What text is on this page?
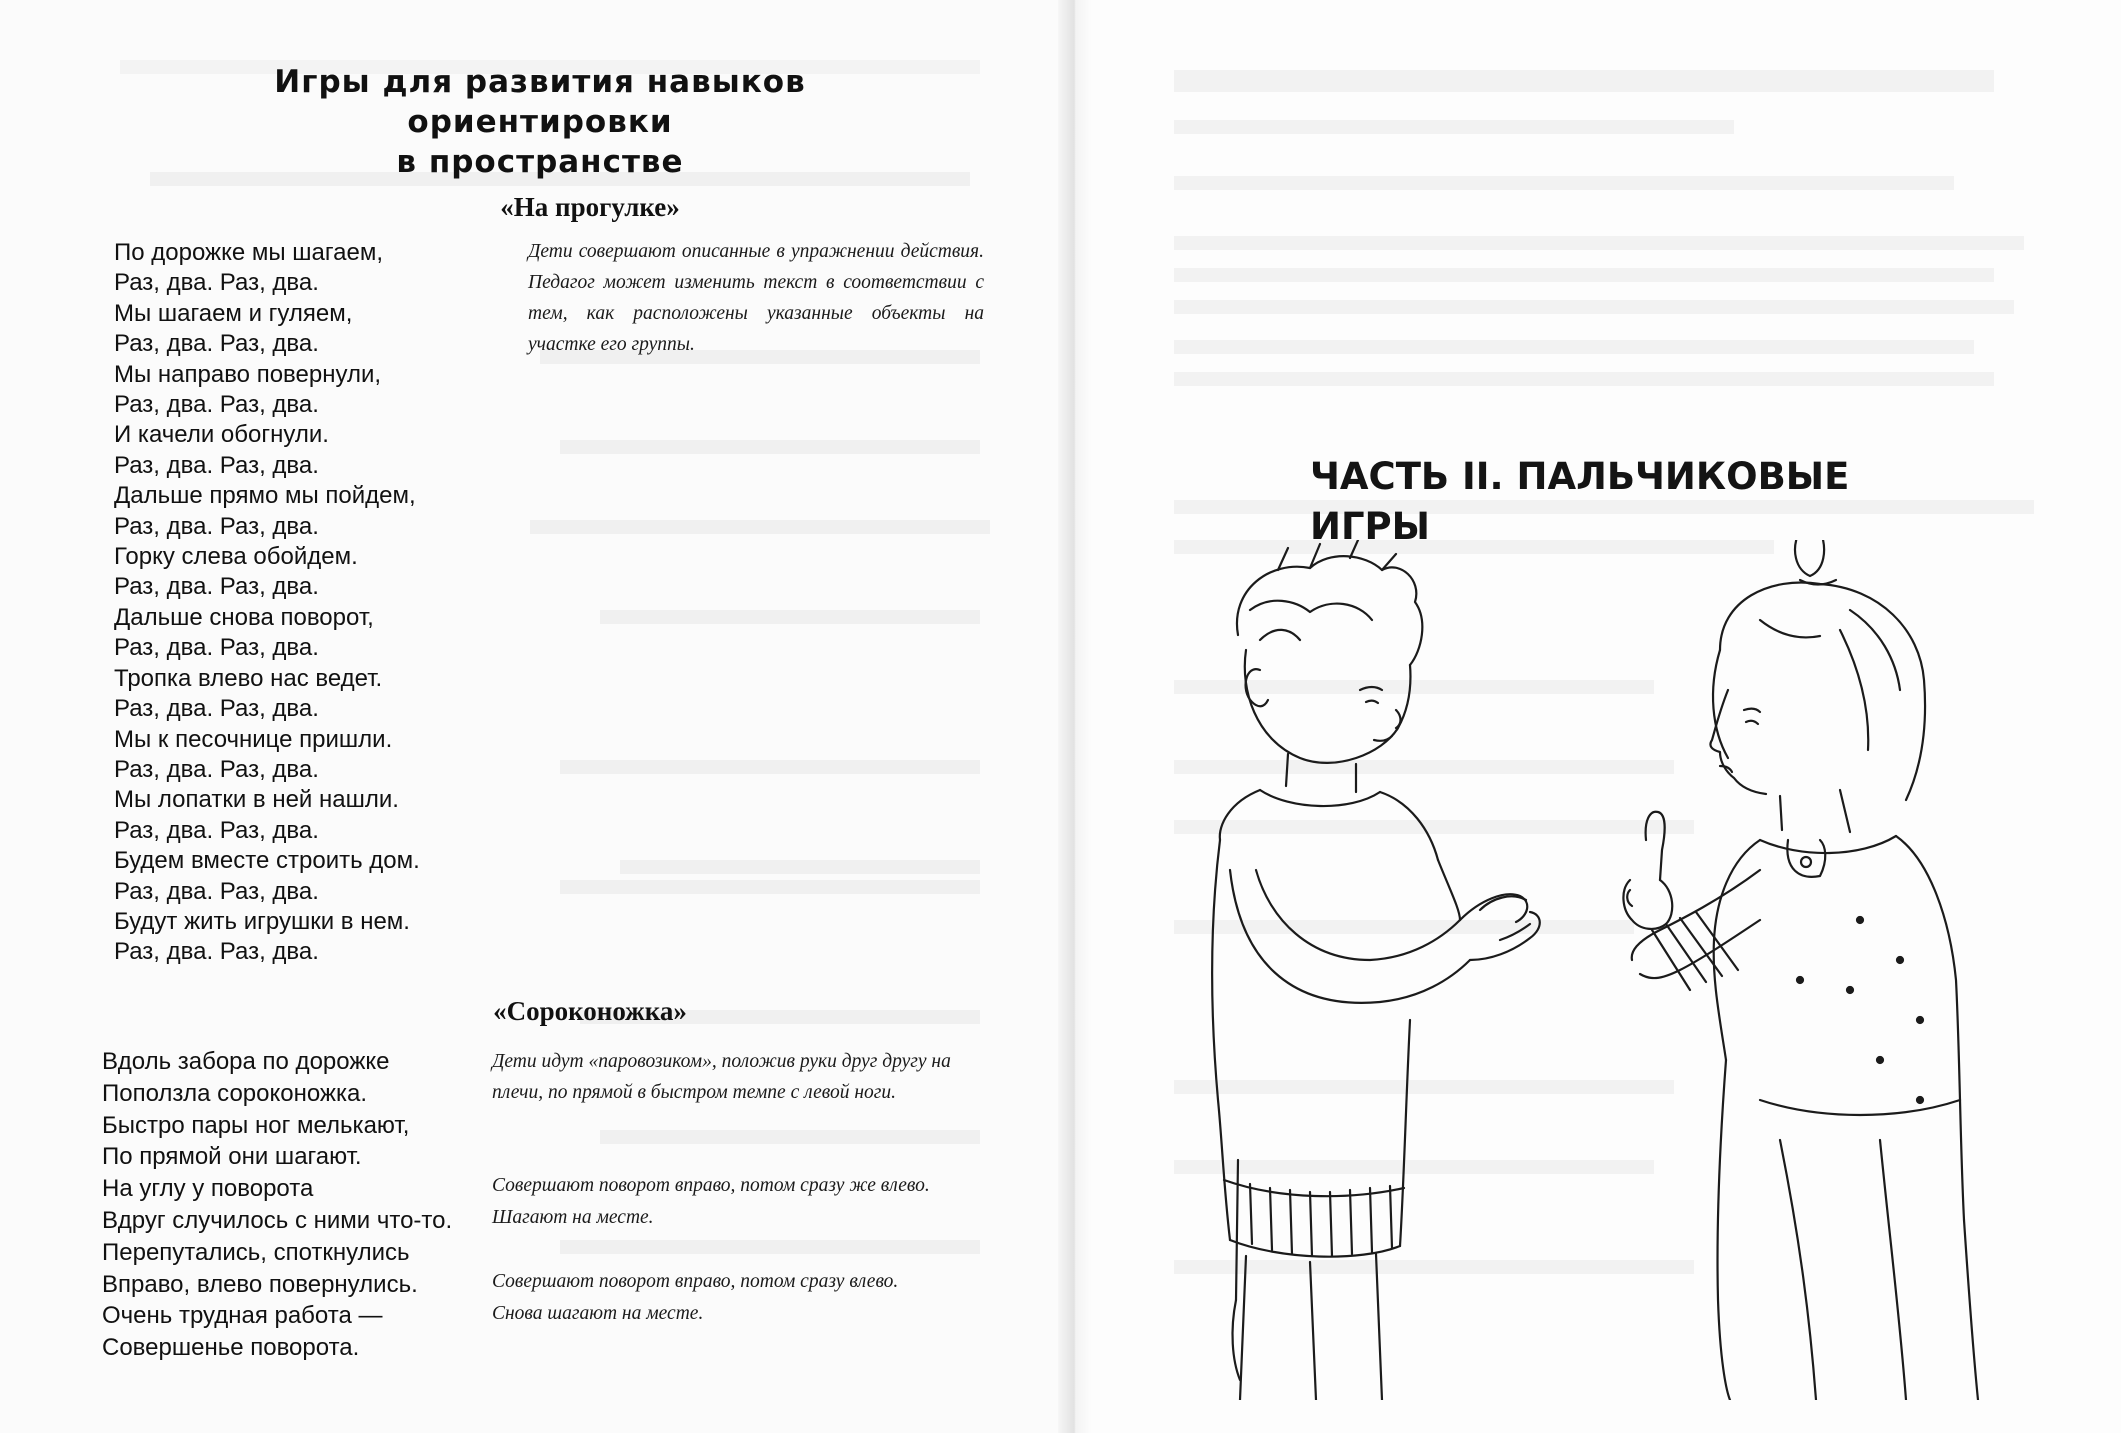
Игры для развития навыков ориентировки
в пространстве
«На прогулке»
По дорожке мы шагаем,
Раз, два. Раз, два.
Мы шагаем и гуляем,
Раз, два. Раз, два.
Мы направо повернули,
Раз, два. Раз, два.
И качели обогнули.
Раз, два. Раз, два.
Дальше прямо мы пойдем,
Раз, два. Раз, два.
Горку слева обойдем.
Раз, два. Раз, два.
Дальше снова поворот,
Раз, два. Раз, два.
Тропка влево нас ведет.
Раз, два. Раз, два.
Мы к песочнице пришли.
Раз, два. Раз, два.
Мы лопатки в ней нашли.
Раз, два. Раз, два.
Будем вместе строить дом.
Раз, два. Раз, два.
Будут жить игрушки в нем.
Раз, два. Раз, два.
Дети совершают описанные в упражнении действия. Педагог может изменить текст в соответствии с тем, как расположены указанные объекты на участке его группы.
«Сороконожка»
Вдоль забора по дорожке
Поползла сороконожка.
Быстро пары ног мелькают,
По прямой они шагают.
На углу у поворота
Вдруг случилось с ними что-то.
Перепутались, споткнулись
Вправо, влево повернулись.
Очень трудная работа —
Совершенье поворота.
Дети идут «паровозиком», положив руки друг другу на плечи, по прямой в быстром темпе с левой ноги.
Совершают поворот вправо, потом сразу же влево.
Шагают на месте.
Совершают поворот вправо, потом сразу влево.
Снова шагают на месте.
ЧАСТЬ II. ПАЛЬЧИКОВЫЕ ИГРЫ
